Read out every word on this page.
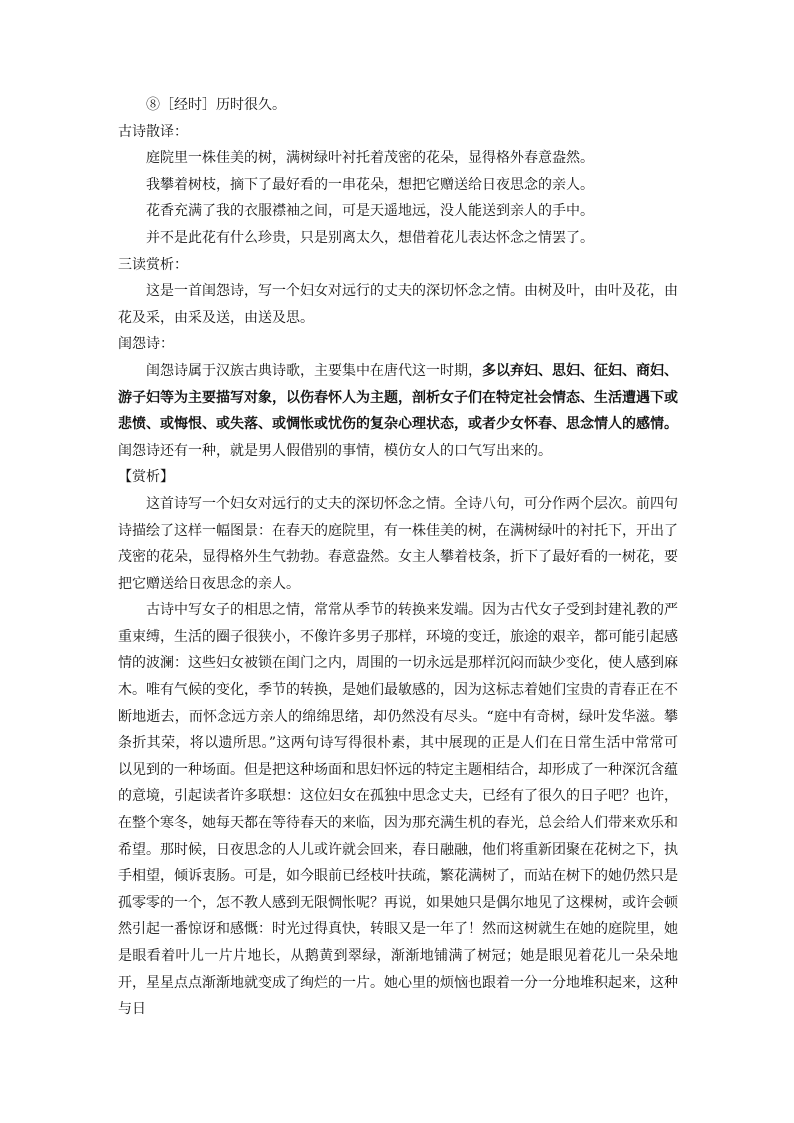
⑧［经时］历时很久。

古诗散译：

庭院里一株佳美的树，满树绿叶衬托着茂密的花朵，显得格外春意盎然。

我攀着树枝，摘下了最好看的一串花朵，想把它赠送给日夜思念的亲人。

花香充满了我的衣服襟袖之间，可是天遥地远，没人能送到亲人的手中。

并不是此花有什么珍贵，只是别离太久，想借着花儿表达怀念之情罢了。

三读赏析：

这是一首闺怨诗，写一个妇女对远行的丈夫的深切怀念之情。由树及叶，由叶及花，由花及采，由采及送，由送及思。

闺怨诗：

闺怨诗属于汉族古典诗歌，主要集中在唐代这一时期，多以弃妇、思妇、征妇、商妇、游子妇等为主要描写对象，以伤春怀人为主题，剖析女子们在特定社会情态、生活遭遇下或悲愤、或悔恨、或失落、或惆怅或忧伤的复杂心理状态，或者少女怀春、思念情人的感情。闺怨诗还有一种，就是男人假借别的事情，模仿女人的口气写出来的。

【赏析】

这首诗写一个妇女对远行的丈夫的深切怀念之情。全诗八句，可分作两个层次。前四句诗描绘了这样一幅图景：在春天的庭院里，有一株佳美的树，在满树绿叶的衬托下，开出了茂密的花朵，显得格外生气勃勃。春意盎然。女主人攀着枝条，折下了最好看的一树花，要把它赠送给日夜思念的亲人。

古诗中写女子的相思之情，常常从季节的转换来发端。因为古代女子受到封建礼教的严重束缚，生活的圈子很狭小，不像许多男子那样，环境的变迁，旅途的艰辛，都可能引起感情的波澜：这些妇女被锁在闺门之内，周围的一切永远是那样沉闷而缺少变化，使人感到麻木。唯有气候的变化，季节的转换，是她们最敏感的，因为这标志着她们宝贵的青春正在不断地逝去，而怀念远方亲人的绵绵思绪，却仍然没有尽头。“庭中有奇树，绿叶发华滋。攀条折其荣，将以遗所思。”这两句诗写得很朴素，其中展现的正是人们在日常生活中常常可以见到的一种场面。但是把这种场面和思妇怀远的特定主题相结合，却形成了一种深沉含蕴的意境，引起读者许多联想：这位妇女在孤独中思念丈夫，已经有了很久的日子吧？也许，在整个寒冬，她每天都在等待春天的来临，因为那充满生机的春光，总会给人们带来欢乐和希望。那时候，日夜思念的人儿或许就会回来，春日融融，他们将重新团聚在花树之下，执手相望，倾诉衷肠。可是，如今眼前已经枝叶扶疏，繁花满树了，而站在树下的她仍然只是孤零零的一个，怎不教人感到无限惆怅呢？再说，如果她只是偶尔地见了这棵树，或许会顿然引起一番惊讶和感慨：时光过得真快，转眼又是一年了！然而这树就生在她的庭院里，她是眼看着叶儿一片片地长，从鹅黄到翠绿，渐渐地铺满了树冠；她是眼见着花儿一朵朵地开，星星点点渐渐地就变成了绚烂的一片。她心里的烦恼也跟着一分一分地堆积起来，这种与日
